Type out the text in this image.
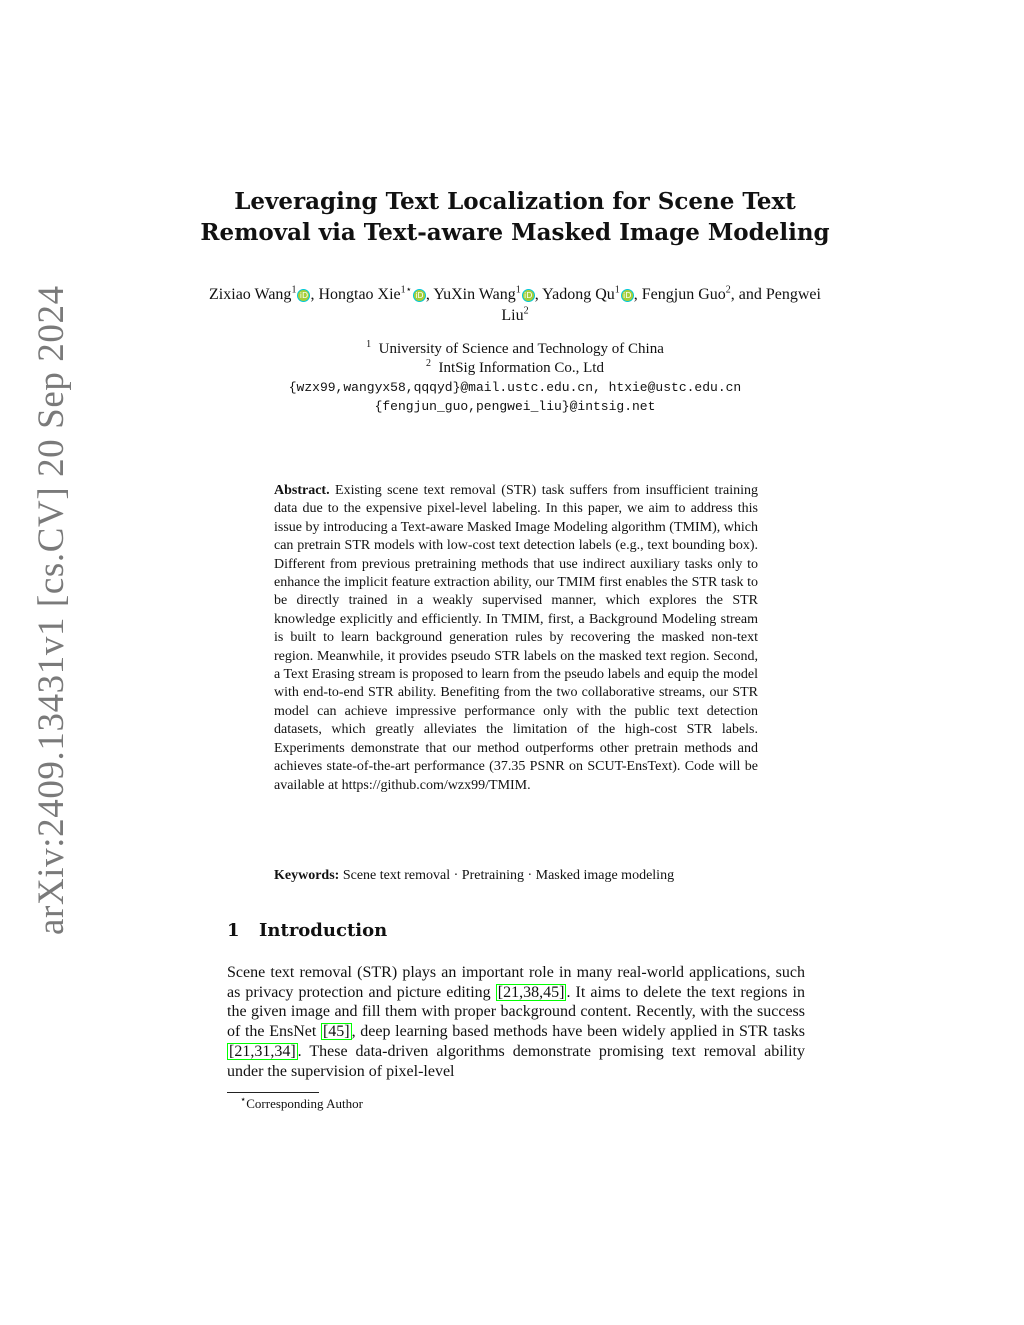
arXiv:2409.13431v1 [cs.CV] 20 Sep 2024
Leveraging Text Localization for Scene Text
Removal via Text-aware Masked Image Modeling
Zixiao Wang$^1$ iD , Hongtao Xie$^{1⋆}$ iD , YuXin Wang$^1$ iD , Yadong Qu$^1$ iD , Fengjun Guo$^2$, and Pengwei Liu$^2$
$^1$ University of Science and Technology of China
$^2$ IntSig Information Co., Ltd
{wzx99,wangyx58,qqqyd}@mail.ustc.edu.cn, htxie@ustc.edu.cn
{fengjun_guo,pengwei_liu}@intsig.net
Abstract. Existing scene text removal (STR) task suffers from insufficient training data due to the expensive pixel-level labeling. In this paper, we aim to address this issue by introducing a Text-aware Masked Image Modeling algorithm (TMIM), which can pretrain STR models with low-cost text detection labels (e.g., text bounding box). Different from previous pretraining methods that use indirect auxiliary tasks only to enhance the implicit feature extraction ability, our TMIM first enables the STR task to be directly trained in a weakly supervised manner, which explores the STR knowledge explicitly and efficiently. In TMIM, first, a Background Modeling stream is built to learn background generation rules by recovering the masked non-text region. Meanwhile, it provides pseudo STR labels on the masked text region. Second, a Text Erasing stream is proposed to learn from the pseudo labels and equip the model with end-to-end STR ability. Benefiting from the two collaborative streams, our STR model can achieve impressive performance only with the public text detection datasets, which greatly alleviates the limitation of the high-cost STR labels. Experiments demonstrate that our method outperforms other pretrain methods and achieves state-of-the-art performance (37.35 PSNR on SCUT-EnsText). Code will be available at https://github.com/wzx99/TMIM.
Keywords: Scene text removal · Pretraining · Masked image modeling
1 Introduction
Scene text removal (STR) plays an important role in many real-world applications, such as privacy protection and picture editing [21,38,45] . It aims to delete the text regions in the given image and fill them with proper background content. Recently, with the success of the EnsNet [45] , deep learning based methods have been widely applied in STR tasks [21,31,34] . These data-driven algorithms demonstrate promising text removal ability under the supervision of pixel-level
⋆Corresponding Author
